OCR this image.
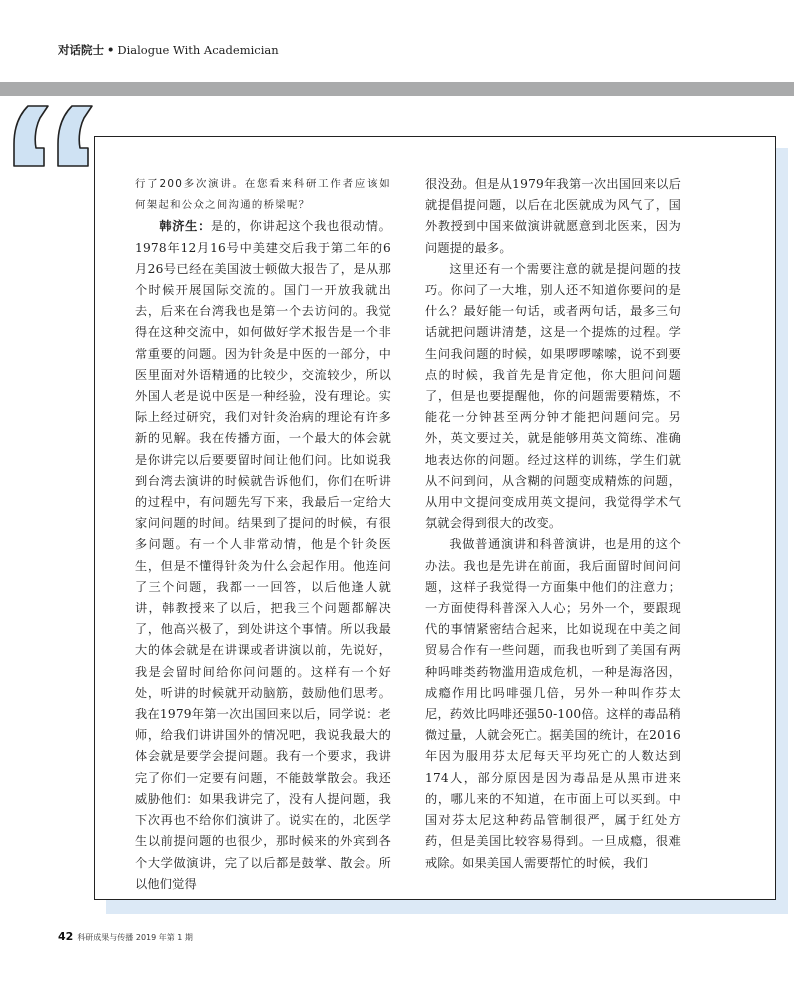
对话院士 • Dialogue With Academician

行了200多次演讲。在您看来科研工作者应该如何架起和公众之间沟通的桥梁呢？

韩济生：是的，你讲起这个我也很动情。1978年12月16号中美建交后我于第二年的6月26号已经在美国波士顿做大报告了，是从那个时候开展国际交流的。国门一开放我就出去，后来在台湾我也是第一个去访问的。我觉得在这种交流中，如何做好学术报告是一个非常重要的问题。因为针灸是中医的一部分，中医里面对外语精通的比较少，交流较少，所以外国人老是说中医是一种经验，没有理论。实际上经过研究，我们对针灸治病的理论有许多新的见解。我在传播方面，一个最大的体会就是你讲完以后要要留时间让他们问。比如说我到台湾去演讲的时候就告诉他们，你们在听讲的过程中，有问题先写下来，我最后一定给大家问问题的时间。结果到了提问的时候，有很多问题。有一个人非常动情，他是个针灸医生，但是不懂得针灸为什么会起作用。他连问了三个问题，我都一一回答，以后他逢人就讲，韩教授来了以后，把我三个问题都解决了，他高兴极了，到处讲这个事情。所以我最大的体会就是在讲课或者讲演以前，先说好，我是会留时间给你问问题的。这样有一个好处，听讲的时候就开动脑筋，鼓励他们思考。我在1979年第一次出国回来以后，同学说：老师，给我们讲讲国外的情况吧，我说我最大的体会就是要学会提问题。我有一个要求，我讲完了你们一定要有问题，不能鼓掌散会。我还威胁他们：如果我讲完了，没有人提问题，我下次再也不给你们演讲了。说实在的，北医学生以前提问题的也很少，那时候来的外宾到各个大学做演讲，完了以后都是鼓掌、散会。所以他们觉得

很没劲。但是从1979年我第一次出国回来以后就提倡提问题，以后在北医就成为风气了，国外教授到中国来做演讲就愿意到北医来，因为问题提的最多。

这里还有一个需要注意的就是提问题的技巧。你问了一大堆，别人还不知道你要问的是什么？最好能一句话，或者两句话，最多三句话就把问题讲清楚，这是一个提炼的过程。学生问我问题的时候，如果啰啰嗦嗦，说不到要点的时候，我首先是肯定他，你大胆问问题了，但是也要提醒他，你的问题需要精炼，不能花一分钟甚至两分钟才能把问题问完。另外，英文要过关，就是能够用英文简练、准确地表达你的问题。经过这样的训练，学生们就从不问到问，从含糊的问题变成精炼的问题，从用中文提问变成用英文提问，我觉得学术气氛就会得到很大的改变。

我做普通演讲和科普演讲，也是用的这个办法。我也是先讲在前面，我后面留时间问问题，这样子我觉得一方面集中他们的注意力；一方面使得科普深入人心；另外一个，要跟现代的事情紧密结合起来，比如说现在中美之间贸易合作有一些问题，而我也听到了美国有两种吗啡类药物滥用造成危机，一种是海洛因，成瘾作用比吗啡强几倍，另外一种叫作芬太尼，药效比吗啡还强50-100倍。这样的毒品稍微过量，人就会死亡。据美国的统计，在2016年因为服用芬太尼每天平均死亡的人数达到174人，部分原因是因为毒品是从黑市进来的，哪儿来的不知道，在市面上可以买到。中国对芬太尼这种药品管制很严，属于红处方药，但是美国比较容易得到。一旦成瘾，很难戒除。如果美国人需要帮忙的时候，我们

42 科研成果与传播 2019 年第 1 期
